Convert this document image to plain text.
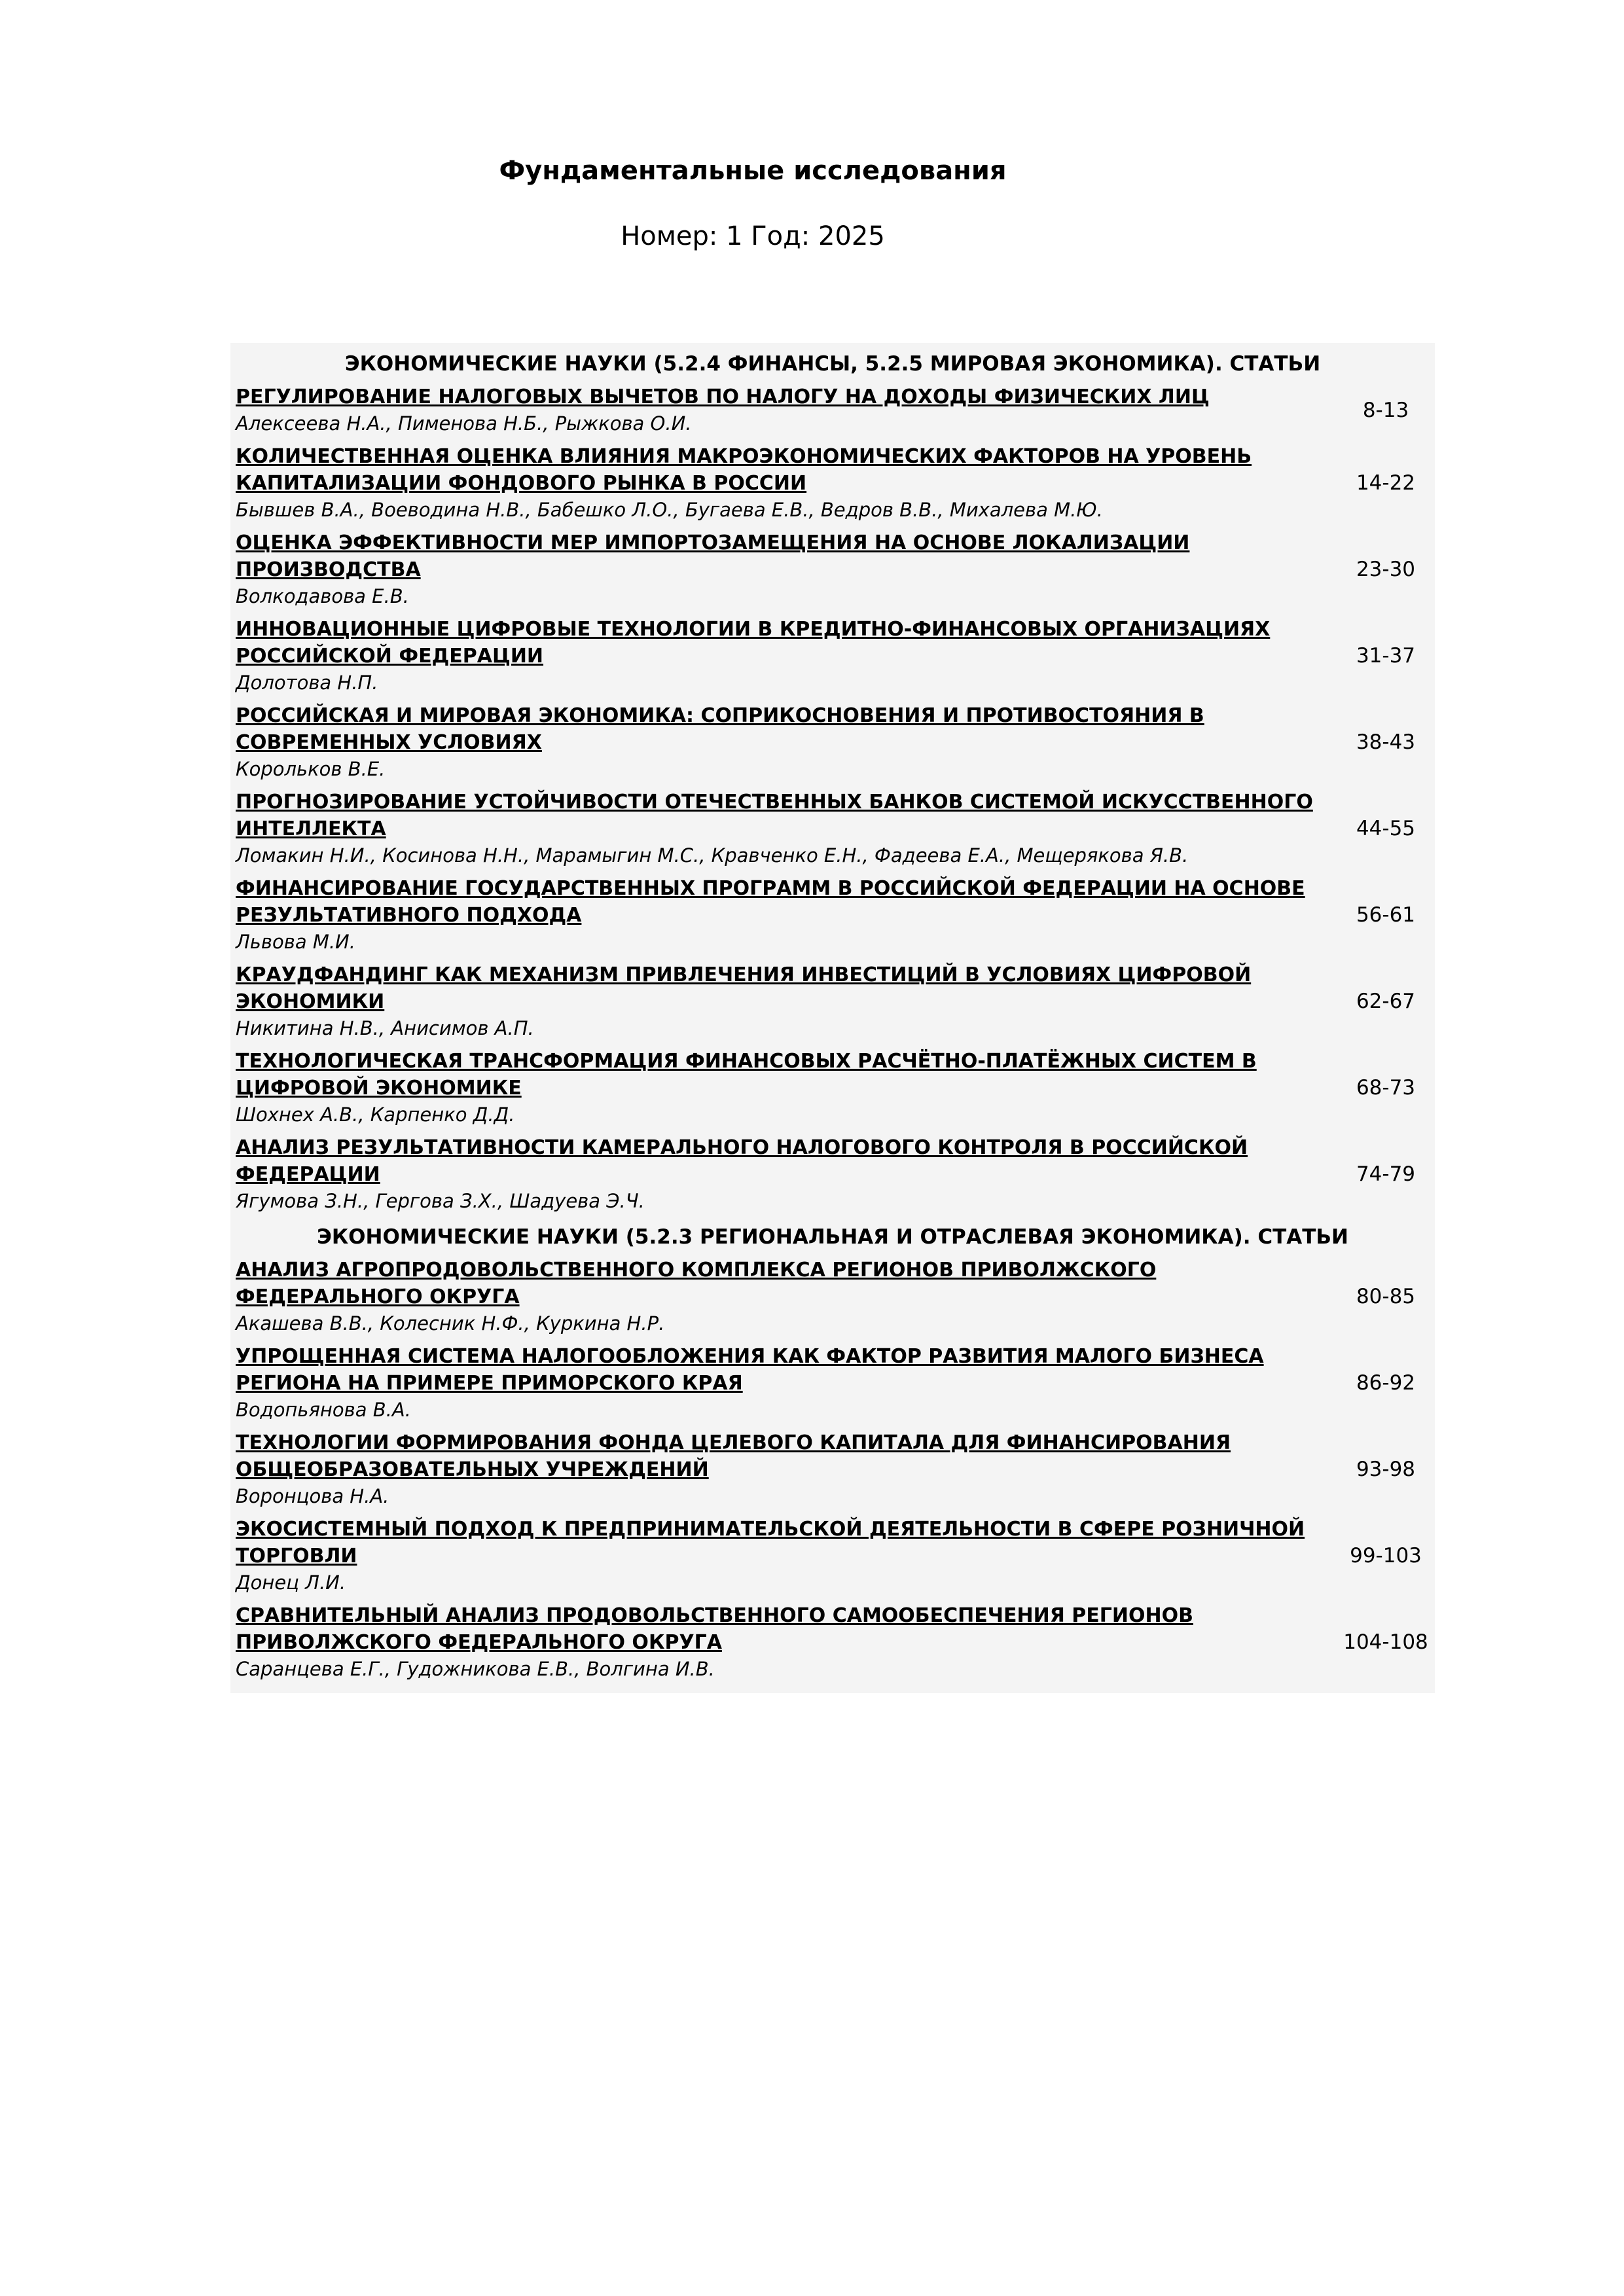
Фундаментальные исследования
Номер: 1 Год: 2025
ЭКОНОМИЧЕСКИЕ НАУКИ (5.2.4 ФИНАНСЫ, 5.2.5 МИРОВАЯ ЭКОНОМИКА). СТАТЬИ
РЕГУЛИРОВАНИЕ НАЛОГОВЫХ ВЫЧЕТОВ ПО НАЛОГУ НА ДОХОДЫ ФИЗИЧЕСКИХ ЛИЦ
Алексеева Н.А., Пименова Н.Б., Рыжкова О.И.
8-13
КОЛИЧЕСТВЕННАЯ ОЦЕНКА ВЛИЯНИЯ МАКРОЭКОНОМИЧЕСКИХ ФАКТОРОВ НА УРОВЕНЬ КАПИТАЛИЗАЦИИ ФОНДОВОГО РЫНКА В РОССИИ
Бывшев В.А., Воеводина Н.В., Бабешко Л.О., Бугаева Е.В., Ведров В.В., Михалева М.Ю.
14-22
ОЦЕНКА ЭФФЕКТИВНОСТИ МЕР ИМПОРТОЗАМЕЩЕНИЯ НА ОСНОВЕ ЛОКАЛИЗАЦИИ ПРОИЗВОДСТВА
Волкодавова Е.В.
23-30
ИННОВАЦИОННЫЕ ЦИФРОВЫЕ ТЕХНОЛОГИИ В КРЕДИТНО-ФИНАНСОВЫХ ОРГАНИЗАЦИЯХ РОССИЙСКОЙ ФЕДЕРАЦИИ
Долотова Н.П.
31-37
РОССИЙСКАЯ И МИРОВАЯ ЭКОНОМИКА: СОПРИКОСНОВЕНИЯ И ПРОТИВОСТОЯНИЯ В СОВРЕМЕННЫХ УСЛОВИЯХ
Корольков В.Е.
38-43
ПРОГНОЗИРОВАНИЕ УСТОЙЧИВОСТИ ОТЕЧЕСТВЕННЫХ БАНКОВ СИСТЕМОЙ ИСКУССТВЕННОГО ИНТЕЛЛЕКТА
Ломакин Н.И., Косинова Н.Н., Марамыгин М.С., Кравченко Е.Н., Фадеева Е.А., Мещерякова Я.В.
44-55
ФИНАНСИРОВАНИЕ ГОСУДАРСТВЕННЫХ ПРОГРАММ В РОССИЙСКОЙ ФЕДЕРАЦИИ НА ОСНОВЕ РЕЗУЛЬТАТИВНОГО ПОДХОДА
Львова М.И.
56-61
КРАУДФАНДИНГ КАК МЕХАНИЗМ ПРИВЛЕЧЕНИЯ ИНВЕСТИЦИЙ В УСЛОВИЯХ ЦИФРОВОЙ ЭКОНОМИКИ
Никитина Н.В., Анисимов А.П.
62-67
ТЕХНОЛОГИЧЕСКАЯ ТРАНСФОРМАЦИЯ ФИНАНСОВЫХ РАСЧЁТНО-ПЛАТЁЖНЫХ СИСТЕМ В ЦИФРОВОЙ ЭКОНОМИКЕ
Шохнех А.В., Карпенко Д.Д.
68-73
АНАЛИЗ РЕЗУЛЬТАТИВНОСТИ КАМЕРАЛЬНОГО НАЛОГОВОГО КОНТРОЛЯ В РОССИЙСКОЙ ФЕДЕРАЦИИ
Ягумова З.Н., Гергова З.Х., Шадуева Э.Ч.
74-79
ЭКОНОМИЧЕСКИЕ НАУКИ (5.2.3 РЕГИОНАЛЬНАЯ И ОТРАСЛЕВАЯ ЭКОНОМИКА). СТАТЬИ
АНАЛИЗ АГРОПРОДОВОЛЬСТВЕННОГО КОМПЛЕКСА РЕГИОНОВ ПРИВОЛЖСКОГО ФЕДЕРАЛЬНОГО ОКРУГА
Акашева В.В., Колесник Н.Ф., Куркина Н.Р.
80-85
УПРОЩЕННАЯ СИСТЕМА НАЛОГООБЛОЖЕНИЯ КАК ФАКТОР РАЗВИТИЯ МАЛОГО БИЗНЕСА РЕГИОНА НА ПРИМЕРЕ ПРИМОРСКОГО КРАЯ
Водопьянова В.А.
86-92
ТЕХНОЛОГИИ ФОРМИРОВАНИЯ ФОНДА ЦЕЛЕВОГО КАПИТАЛА ДЛЯ ФИНАНСИРОВАНИЯ ОБЩЕОБРАЗОВАТЕЛЬНЫХ УЧРЕЖДЕНИЙ
Воронцова Н.А.
93-98
ЭКОСИСТЕМНЫЙ ПОДХОД К ПРЕДПРИНИМАТЕЛЬСКОЙ ДЕЯТЕЛЬНОСТИ В СФЕРЕ РОЗНИЧНОЙ ТОРГОВЛИ
Донец Л.И.
99-103
СРАВНИТЕЛЬНЫЙ АНАЛИЗ ПРОДОВОЛЬСТВЕННОГО САМООБЕСПЕЧЕНИЯ РЕГИОНОВ ПРИВОЛЖСКОГО ФЕДЕРАЛЬНОГО ОКРУГА
Саранцева Е.Г., Гудожникова Е.В., Волгина И.В.
104-108
